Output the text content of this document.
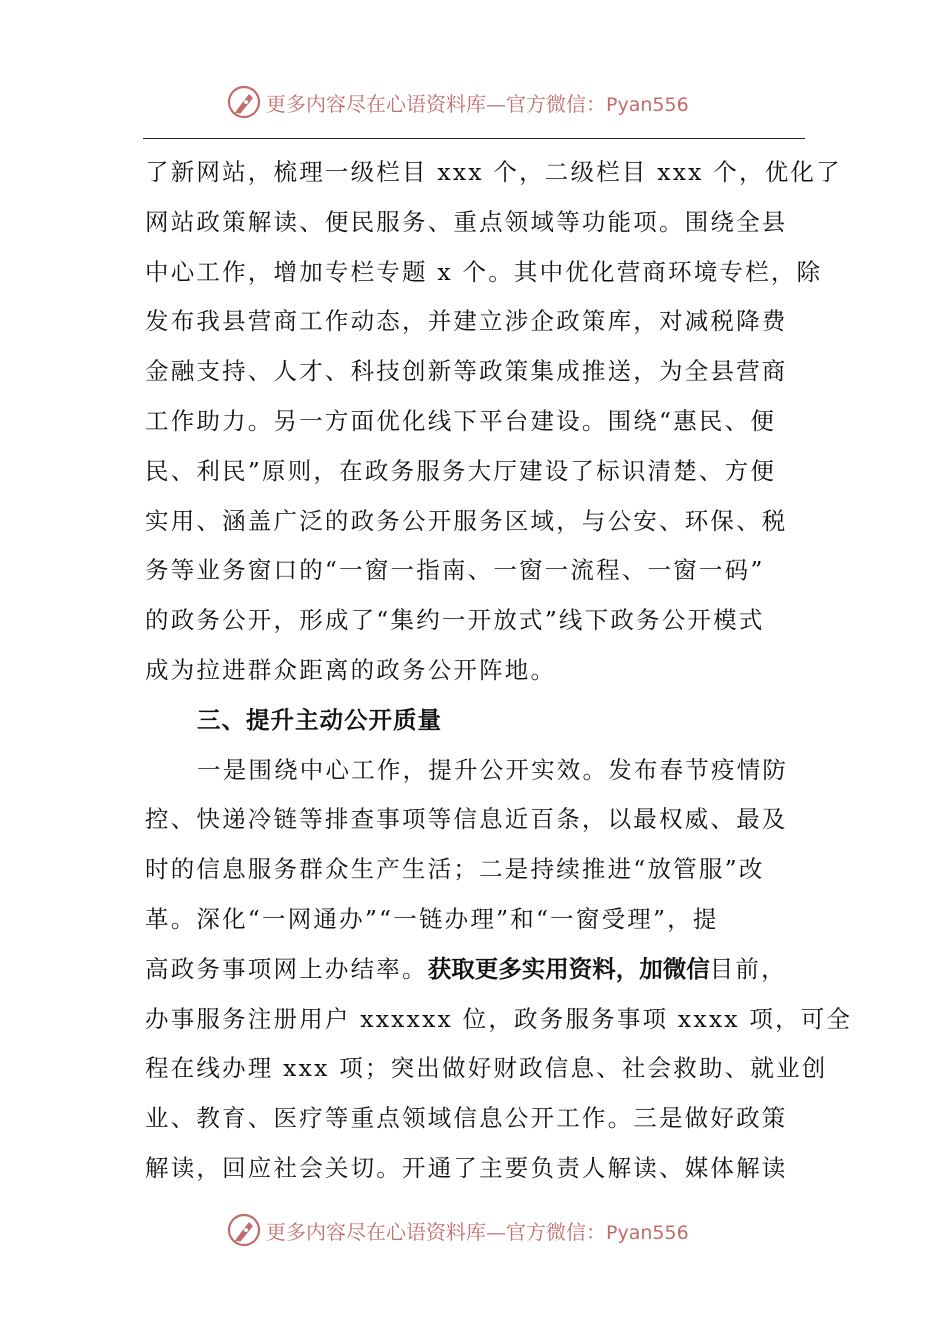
更多内容尽在心语资料库—官方微信：Pyan556
了新网站，梳理一级栏目 xxx 个，二级栏目 xxx 个，优化了
网站政策解读、便民服务、重点领域等功能项。围绕全县
中心工作，增加专栏专题 x 个。其中优化营商环境专栏，除
发布我县营商工作动态，并建立涉企政策库，对减税降费
金融支持、人才、科技创新等政策集成推送，为全县营商
工作助力。另一方面优化线下平台建设。围绕“惠民、便
民、利民”原则，在政务服务大厅建设了标识清楚、方便
实用、涵盖广泛的政务公开服务区域，与公安、环保、税
务等业务窗口的“一窗一指南、一窗一流程、一窗一码”
的政务公开，形成了“集约一开放式”线下政务公开模式
成为拉进群众距离的政务公开阵地。
三、提升主动公开质量
一是围绕中心工作，提升公开实效。发布春节疫情防
控、快递冷链等排查事项等信息近百条，以最权威、最及
时的信息服务群众生产生活；二是持续推进“放管服”改
革。深化“一网通办”“一链办理”和“一窗受理”，提
高政务事项网上办结率。获取更多实用资料，加微信目前，
办事服务注册用户 xxxxxx 位，政务服务事项 xxxx 项，可全
程在线办理 xxx 项；突出做好财政信息、社会救助、就业创
业、教育、医疗等重点领域信息公开工作。三是做好政策
解读，回应社会关切。开通了主要负责人解读、媒体解读
更多内容尽在心语资料库—官方微信：Pyan556
